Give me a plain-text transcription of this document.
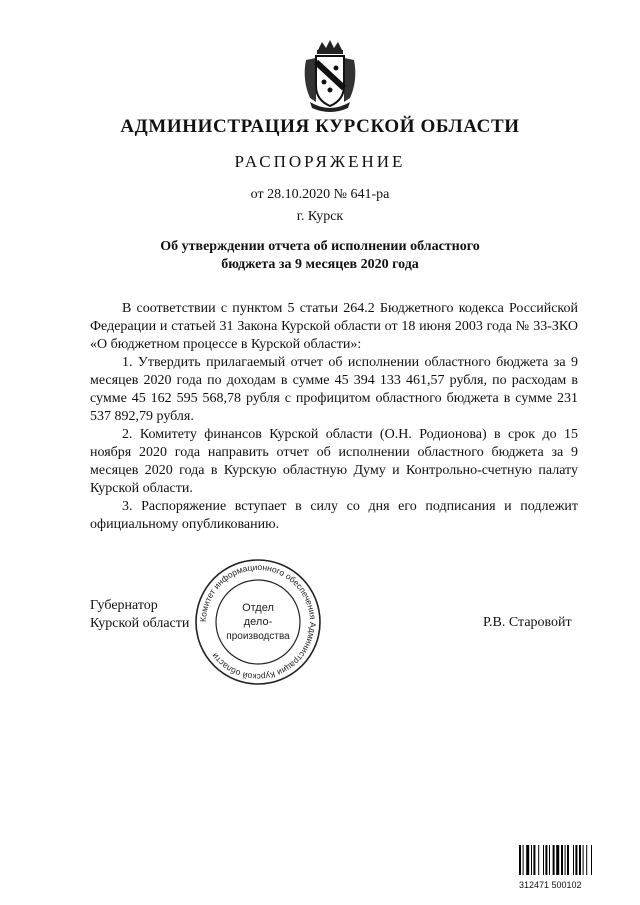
АДМИНИСТРАЦИЯ КУРСКОЙ ОБЛАСТИ
РАСПОРЯЖЕНИЕ
от 28.10.2020 № 641-ра
г. Курск
Об утверждении отчета об исполнении областного
бюджета за 9 месяцев 2020 года

В соответствии с пунктом 5 статьи 264.2 Бюджетного кодекса Российской Федерации и статьей 31 Закона Курской области от 18 июня 2003 года № 33-ЗКО «О бюджетном процессе в Курской области»:

1. Утвердить прилагаемый отчет об исполнении областного бюджета за 9 месяцев 2020 года по доходам в сумме 45 394 133 461,57 рубля, по расходам в сумме 45 162 595 568,78 рубля с профицитом областного бюджета в сумме 231 537 892,79 рубля.

2. Комитету финансов Курской области (О.Н. Родионова) в срок до 15 ноября 2020 года направить отчет об исполнении областного бюджета за 9 месяцев 2020 года в Курскую областную Думу и Контрольно-счетную палату Курской области.

3. Распоряжение вступает в силу со дня его подписания и подлежит официальному опубликованию.

Губернатор
Курской области	Р.В. Старовойт
Комитет информационного обеспечения Администрации Курской области
Отдел
дело-
производства
312471 500102
